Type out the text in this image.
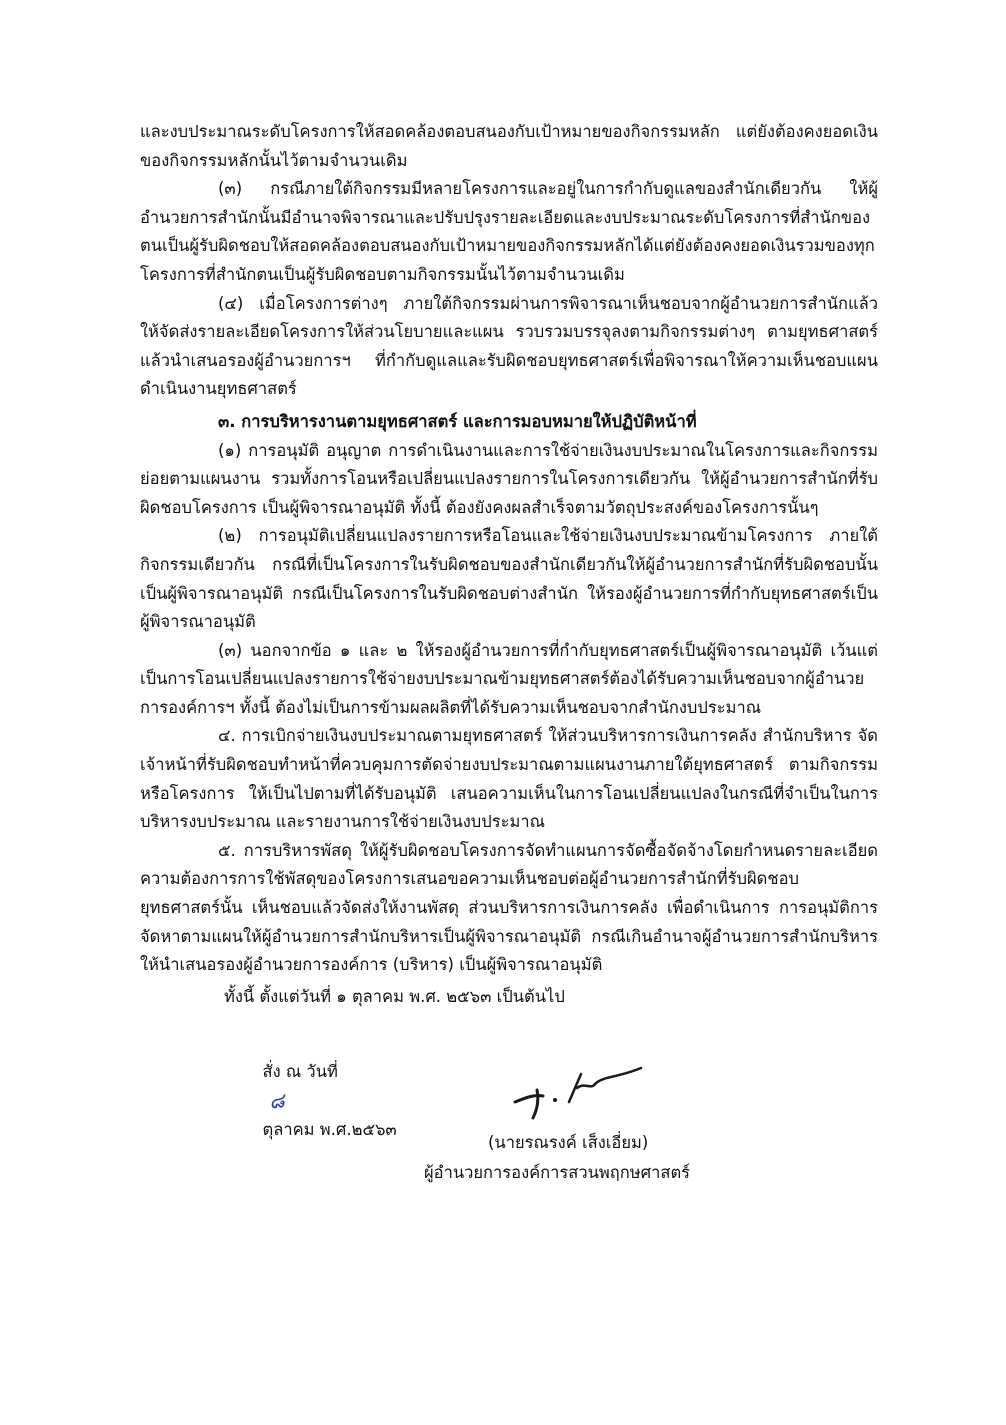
และงบประมาณระดับโครงการให้สอดคล้องตอบสนองกับเป้าหมายของกิจกรรมหลัก แต่ยังต้องคงยอดเงินของกิจกรรมหลักนั้นไว้ตามจำนวนเดิม

(๓) กรณีภายใต้กิจกรรมมีหลายโครงการและอยู่ในการกำกับดูแลของสำนักเดียวกัน ให้ผู้อำนวยการสำนักนั้นมีอำนาจพิจารณาและปรับปรุงรายละเอียดและงบประมาณระดับโครงการที่สำนักของตนเป็นผู้รับผิดชอบให้สอดคล้องตอบสนองกับเป้าหมายของกิจกรรมหลักได้แต่ยังต้องคงยอดเงินรวมของทุกโครงการที่สำนักตนเป็นผู้รับผิดชอบตามกิจกรรมนั้นไว้ตามจำนวนเดิม

(๔) เมื่อโครงการต่างๆ ภายใต้กิจกรรมผ่านการพิจารณาเห็นชอบจากผู้อำนวยการสำนักแล้ว ให้จัดส่งรายละเอียดโครงการให้ส่วนโยบายและแผน รวบรวมบรรจุลงตามกิจกรรมต่างๆ ตามยุทธศาสตร์ แล้วนำเสนอรองผู้อำนวยการฯ ที่กำกับดูแลและรับผิดชอบยุทธศาสตร์เพื่อพิจารณาให้ความเห็นชอบแผนดำเนินงานยุทธศาสตร์

๓. การบริหารงานตามยุทธศาสตร์ และการมอบหมายให้ปฏิบัติหน้าที่

(๑) การอนุมัติ อนุญาต การดำเนินงานและการใช้จ่ายเงินงบประมาณในโครงการและกิจกรรมย่อยตามแผนงาน รวมทั้งการโอนหรือเปลี่ยนแปลงรายการในโครงการเดียวกัน ให้ผู้อำนวยการสำนักที่รับผิดชอบโครงการ เป็นผู้พิจารณาอนุมัติ ทั้งนี้ ต้องยังคงผลสำเร็จตามวัตถุประสงค์ของโครงการนั้นๆ

(๒) การอนุมัติเปลี่ยนแปลงรายการหรือโอนและใช้จ่ายเงินงบประมาณข้ามโครงการ ภายใต้กิจกรรมเดียวกัน กรณีที่เป็นโครงการในรับผิดชอบของสำนักเดียวกันให้ผู้อำนวยการสำนักที่รับผิดชอบนั้นเป็นผู้พิจารณาอนุมัติ กรณีเป็นโครงการในรับผิดชอบต่างสำนัก ให้รองผู้อำนวยการที่กำกับยุทธศาสตร์เป็นผู้พิจารณาอนุมัติ

(๓) นอกจากข้อ ๑ และ ๒ ให้รองผู้อำนวยการที่กำกับยุทธศาสตร์เป็นผู้พิจารณาอนุมัติ เว้นแต่ เป็นการโอนเปลี่ยนแปลงรายการใช้จ่ายงบประมาณข้ามยุทธศาสตร์ต้องได้รับความเห็นชอบจากผู้อำนวยการองค์การฯ ทั้งนี้ ต้องไม่เป็นการข้ามผลผลิตที่ได้รับความเห็นชอบจากสำนักงบประมาณ

๔. การเบิกจ่ายเงินงบประมาณตามยุทธศาสตร์ ให้ส่วนบริหารการเงินการคลัง สำนักบริหาร จัดเจ้าหน้าที่รับผิดชอบทำหน้าที่ควบคุมการตัดจ่ายงบประมาณตามแผนงานภายใต้ยุทธศาสตร์ ตามกิจกรรมหรือโครงการ ให้เป็นไปตามที่ได้รับอนุมัติ เสนอความเห็นในการโอนเปลี่ยนแปลงในกรณีที่จำเป็นในการบริหารงบประมาณ และรายงานการใช้จ่ายเงินงบประมาณ

๕. การบริหารพัสดุ ให้ผู้รับผิดชอบโครงการจัดทำแผนการจัดซื้อจัดจ้างโดยกำหนดรายละเอียดความต้องการการใช้พัสดุของโครงการเสนอขอความเห็นชอบต่อผู้อำนวยการสำนักที่รับผิดชอบยุทธศาสตร์นั้น เห็นชอบแล้วจัดส่งให้งานพัสดุ ส่วนบริหารการเงินการคลัง เพื่อดำเนินการ การอนุมัติการจัดหาตามแผนให้ผู้อำนวยการสำนักบริหารเป็นผู้พิจารณาอนุมัติ กรณีเกินอำนาจผู้อำนวยการสำนักบริหาร ให้นำเสนอรองผู้อำนวยการองค์การ (บริหาร) เป็นผู้พิจารณาอนุมัติ

ทั้งนี้ ตั้งแต่วันที่ ๑ ตุลาคม พ.ศ. ๒๕๖๓ เป็นต้นไป

สั่ง ณ วันที่
๘
ตุลาคม พ.ศ.๒๕๖๓

(นายรณรงค์ เส็งเอี่ยม)
ผู้อำนวยการองค์การสวนพฤกษศาสตร์
